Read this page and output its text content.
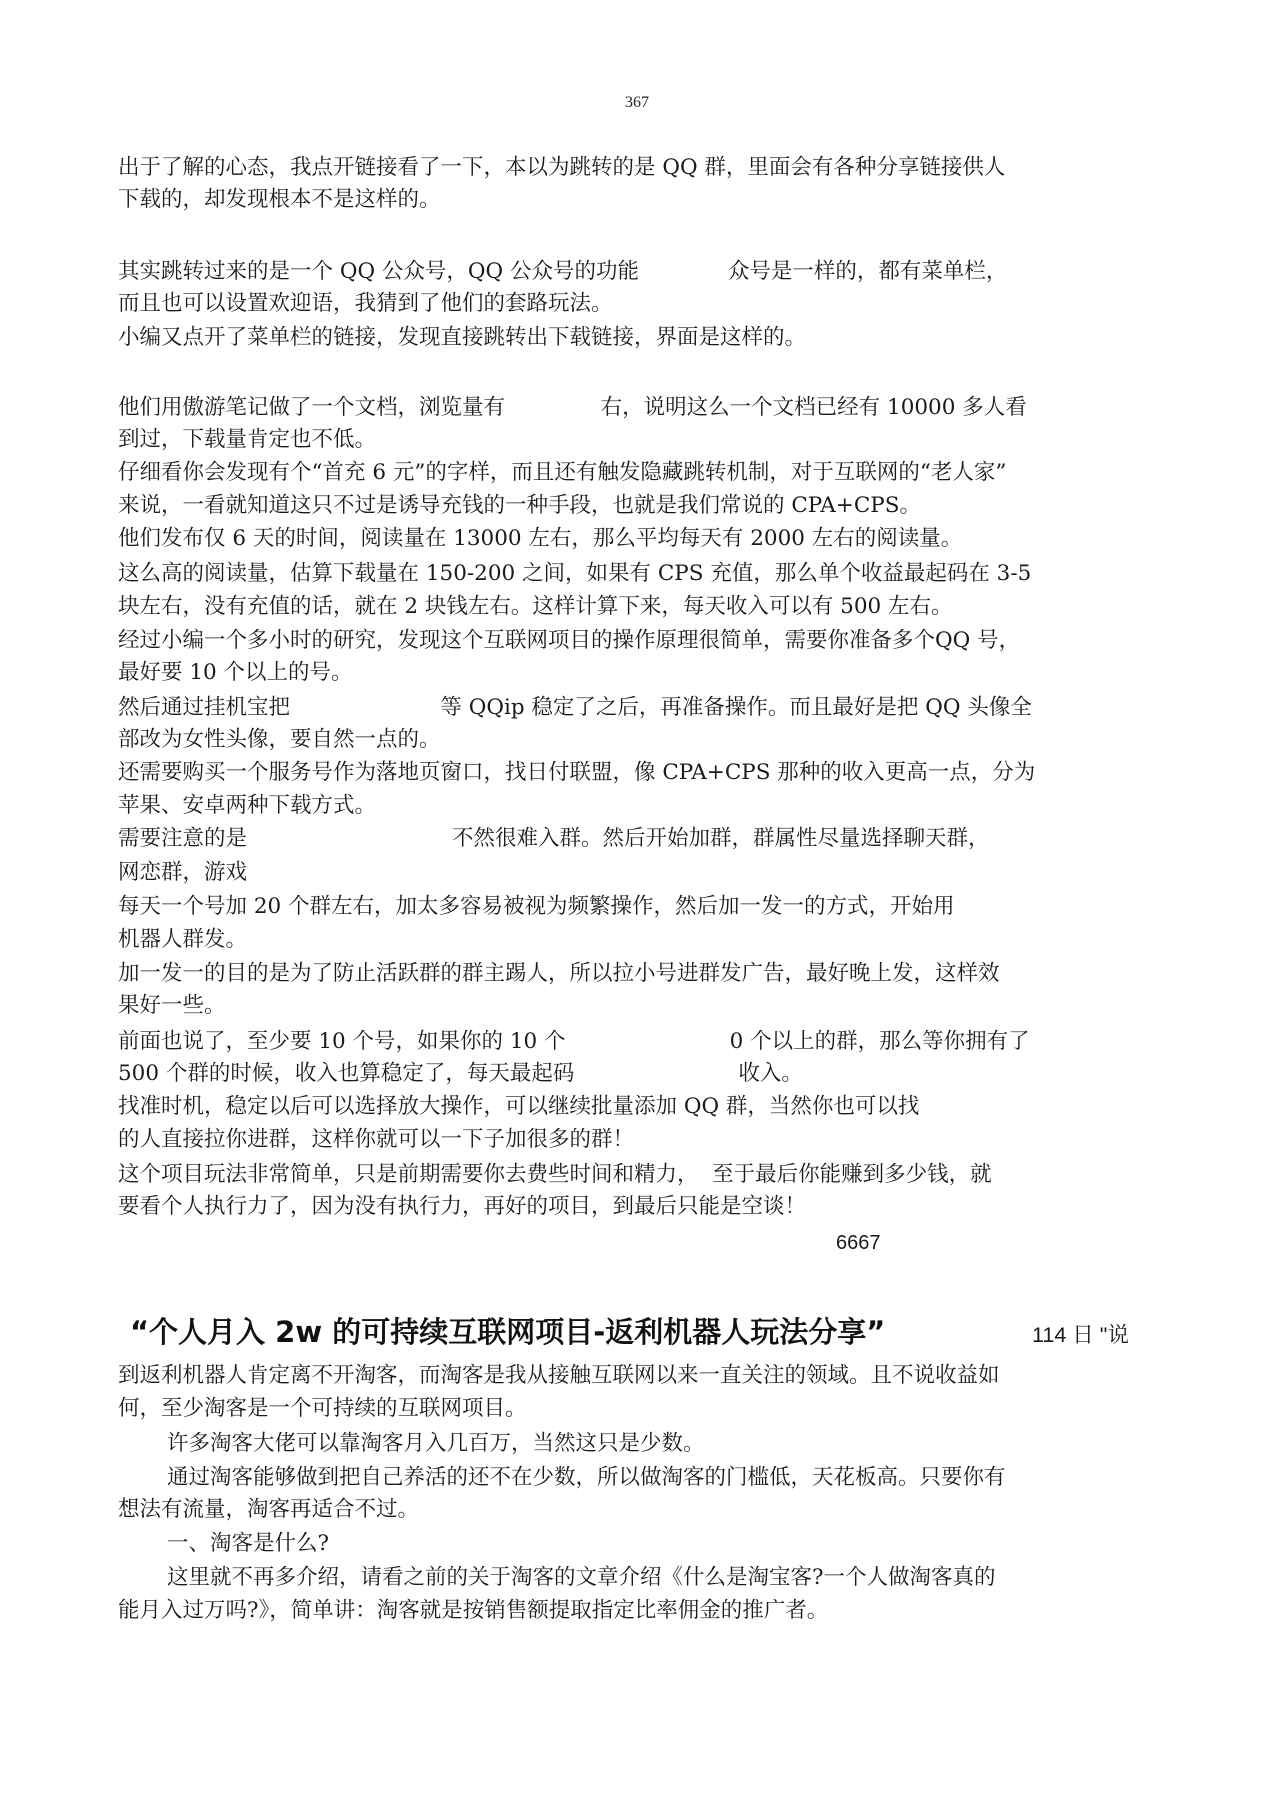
367
出于了解的心态，我点开链接看了一下，本以为跳转的是 QQ 群，里面会有各种分享链接供人
下载的，却发现根本不是这样的。
其实跳转过来的是一个 QQ 公众号，QQ 公众号的功能             众号是一样的，都有菜单栏，
而且也可以设置欢迎语，我猜到了他们的套路玩法。
小编又点开了菜单栏的链接，发现直接跳转出下载链接，界面是这样的。
他们用傲游笔记做了一个文档，浏览量有              右，说明这么一个文档已经有 10000 多人看
到过，下载量肯定也不低。
仔细看你会发现有个“首充 6 元”的字样，而且还有触发隐藏跳转机制，对于互联网的“老人家”
来说，一看就知道这只不过是诱导充钱的一种手段，也就是我们常说的 CPA+CPS。
他们发布仅 6 天的时间，阅读量在 13000 左右，那么平均每天有 2000 左右的阅读量。
这么高的阅读量，估算下载量在 150-200 之间，如果有 CPS 充值，那么单个收益最起码在 3-5
块左右，没有充值的话，就在 2 块钱左右。这样计算下来，每天收入可以有 500 左右。
经过小编一个多小时的研究，发现这个互联网项目的操作原理很简单，需要你准备多个QQ 号，
最好要 10 个以上的号。
然后通过挂机宝把                      等 QQip 稳定了之后，再准备操作。而且最好是把 QQ 头像全
部改为女性头像，要自然一点的。
还需要购买一个服务号作为落地页窗口，找日付联盟，像 CPA+CPS 那种的收入更高一点，分为
苹果、安卓两种下载方式。
需要注意的是                              不然很难入群。然后开始加群，群属性尽量选择聊天群，
网恋群，游戏
每天一个号加 20 个群左右，加太多容易被视为频繁操作，然后加一发一的方式，开始用
机器人群发。
加一发一的目的是为了防止活跃群的群主踢人，所以拉小号进群发广告，最好晚上发，这样效
果好一些。
前面也说了，至少要 10 个号，如果你的 10 个                        0 个以上的群，那么等你拥有了
500 个群的时候，收入也算稳定了，每天最起码                        收入。
找准时机，稳定以后可以选择放大操作，可以继续批量添加 QQ 群，当然你也可以找
的人直接拉你进群，这样你就可以一下子加很多的群！
这个项目玩法非常简单，只是前期需要你去费些时间和精力，  至于最后你能赚到多少钱，就
要看个人执行力了，因为没有执行力，再好的项目，到最后只能是空谈！
6667
“个人月入 2w 的可持续互联网项目-返利机器人玩法分享”	114 日 "说
到返利机器人肯定离不开淘客，而淘客是我从接触互联网以来一直关注的领域。且不说收益如
何，至少淘客是一个可持续的互联网项目。
许多淘客大佬可以靠淘客月入几百万，当然这只是少数。
通过淘客能够做到把自己养活的还不在少数，所以做淘客的门槛低，天花板高。只要你有
想法有流量，淘客再适合不过。
一、淘客是什么?
这里就不再多介绍，请看之前的关于淘客的文章介绍《什么是淘宝客?一个人做淘客真的
能月入过万吗?》，简单讲：淘客就是按销售额提取指定比率佣金的推广者。
